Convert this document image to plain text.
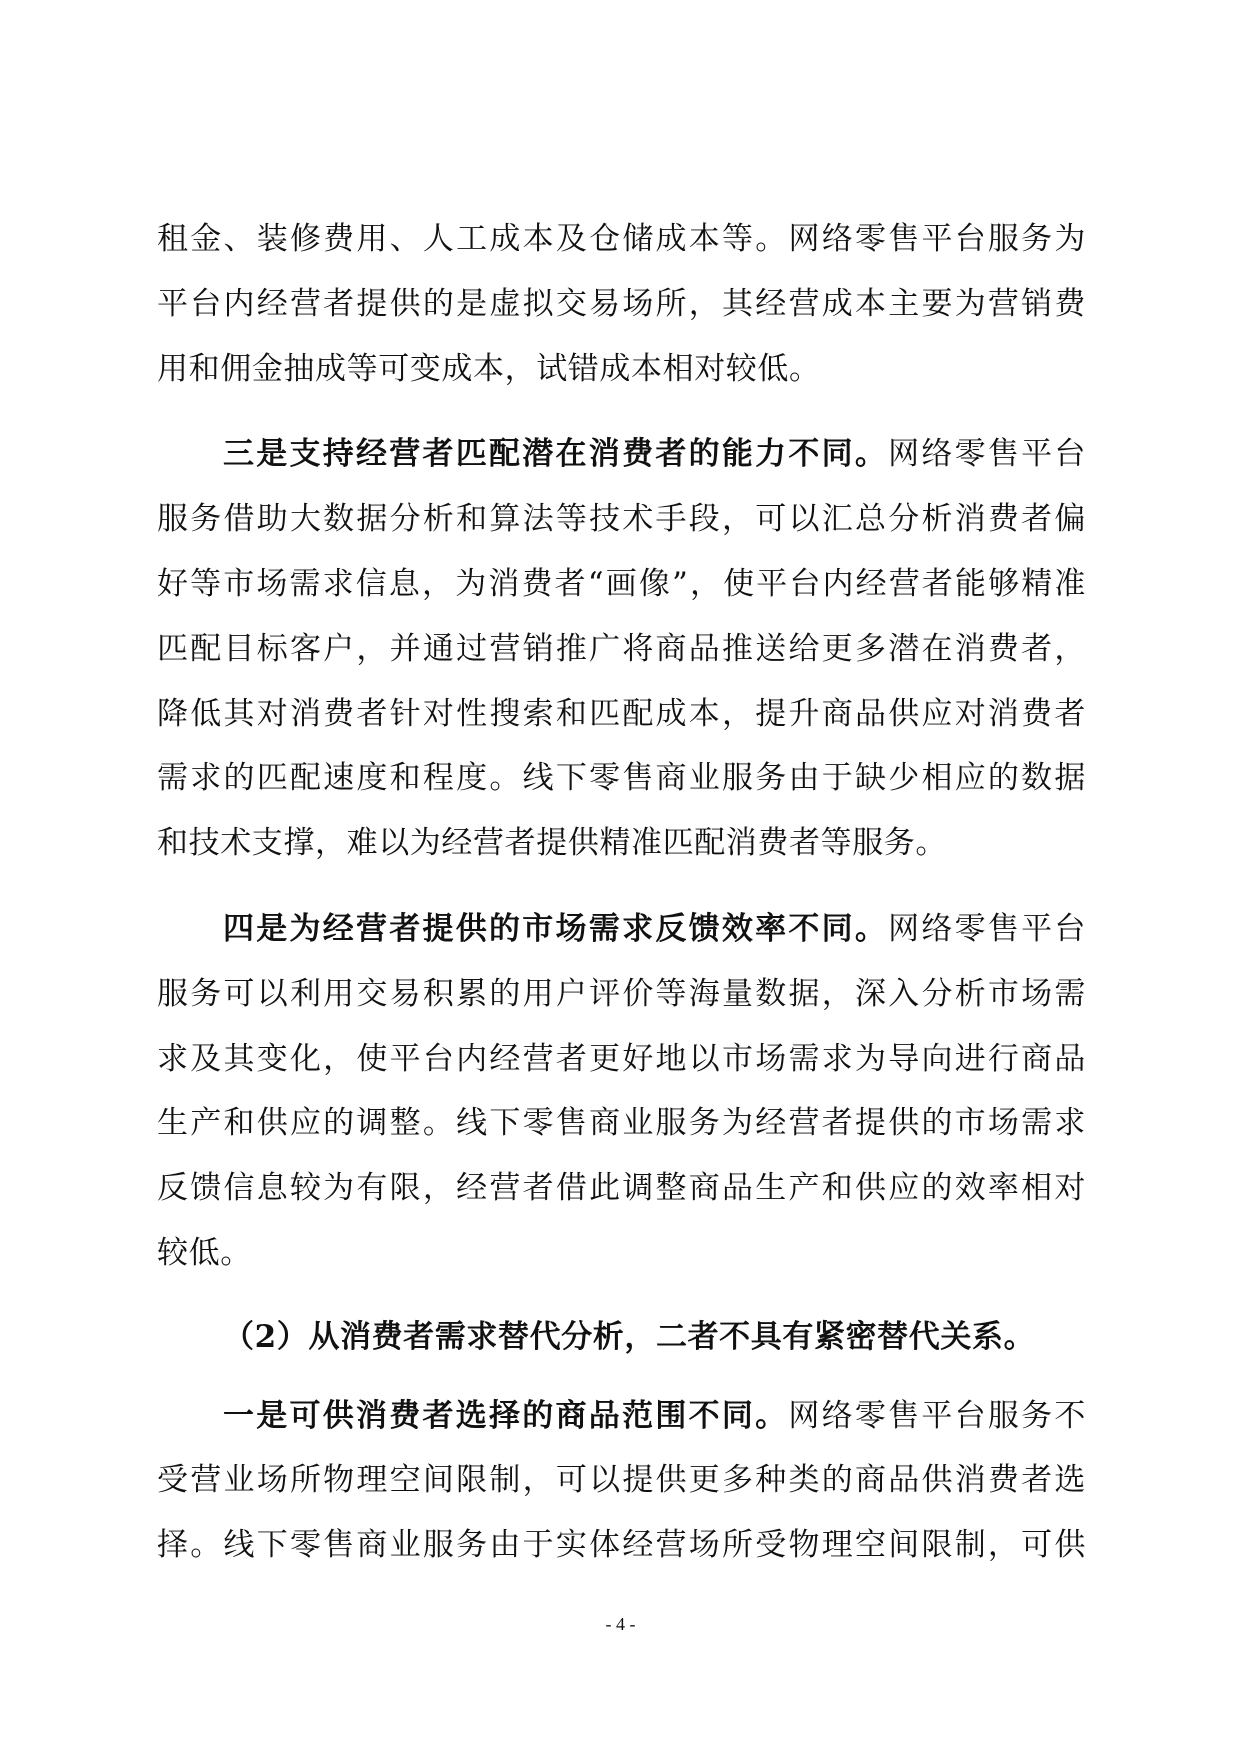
租金、装修费用、人工成本及仓储成本等。网络零售平台服务为
平台内经营者提供的是虚拟交易场所，其经营成本主要为营销费
用和佣金抽成等可变成本，试错成本相对较低。
三是支持经营者匹配潜在消费者的能力不同。网络零售平台
服务借助大数据分析和算法等技术手段，可以汇总分析消费者偏
好等市场需求信息，为消费者“画像”，使平台内经营者能够精准
匹配目标客户，并通过营销推广将商品推送给更多潜在消费者，
降低其对消费者针对性搜索和匹配成本，提升商品供应对消费者
需求的匹配速度和程度。线下零售商业服务由于缺少相应的数据
和技术支撑，难以为经营者提供精准匹配消费者等服务。
四是为经营者提供的市场需求反馈效率不同。网络零售平台
服务可以利用交易积累的用户评价等海量数据，深入分析市场需
求及其变化，使平台内经营者更好地以市场需求为导向进行商品
生产和供应的调整。线下零售商业服务为经营者提供的市场需求
反馈信息较为有限，经营者借此调整商品生产和供应的效率相对
较低。
（2）从消费者需求替代分析，二者不具有紧密替代关系。
一是可供消费者选择的商品范围不同。网络零售平台服务不
受营业场所物理空间限制，可以提供更多种类的商品供消费者选
择。线下零售商业服务由于实体经营场所受物理空间限制，可供
- 4 -
